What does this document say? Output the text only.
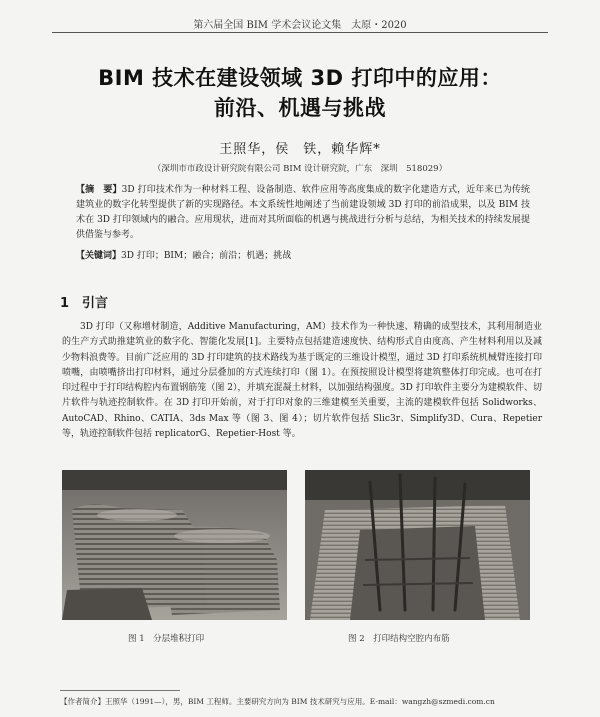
第六届全国 BIM 学术会议论文集　太原・2020
BIM 技术在建设领域 3D 打印中的应用：
前沿、机遇与挑战
王照华，侯　铁，赖华辉*
（深圳市市政设计研究院有限公司 BIM 设计研究院，广东　深圳　518029）
【摘　要】3D 打印技术作为一种材料工程、设备制造、软件应用等高度集成的数字化建造方式，近年来已为传统建筑业的数字化转型提供了新的实现路径。本文系统性地阐述了当前建设领域 3D 打印的前沿成果，以及 BIM 技术在 3D 打印领域内的融合。应用现状，进而对其所面临的机遇与挑战进行分析与总结，为相关技术的持续发展提供借鉴与参考。
【关键词】3D 打印；BIM；融合；前沿；机遇；挑战
1　引言
3D 打印（又称增材制造，Additive Manufacturing，AM）技术作为一种快速、精确的成型技术，其利用制造业的生产方式助推建筑业的数字化、智能化发展[1]。主要特点包括建造速度快、结构形式自由度高、产生材料利用以及减少物料浪费等。目前广泛应用的 3D 打印建筑的技术路线为基于既定的三维设计模型，通过 3D 打印系统机械臂连接打印喷嘴，由喷嘴挤出打印材料，通过分层叠加的方式连续打印（图 1）。在预按照设计模型将建筑整体打印完成。也可在打印过程中于打印结构腔内布置钢筋笼（图 2），并填充混凝土材料，以加强结构强度。3D 打印软件主要分为建模软件、切片软件与轨迹控制软件。在 3D 打印开始前，对于打印对象的三维建模至关重要，主流的建模软件包括 Solidworks、AutoCAD、Rhino、CATIA、3ds Max 等（图 3、图 4）；切片软件包括 Slic3r、Simplify3D、Cura、Repetier 等，轨迹控制软件包括 replicatorG、Repetier-Host 等。
图 1　分层堆积打印	图 2　打印结构空腔内布筋
【作者简介】王照华（1991—），男，BIM 工程师。主要研究方向为 BIM 技术研究与应用。E-mail：wangzh@szmedi.com.cn
